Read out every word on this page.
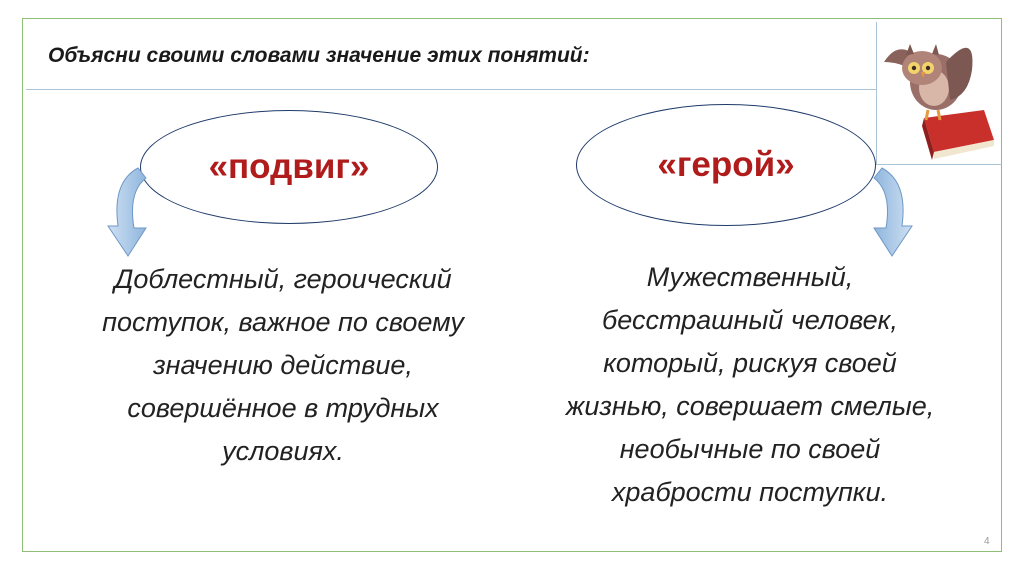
Объясни своими словами значение этих понятий:
«подвиг»	«герой»
Доблестный, героический
поступок, важное по своему
значению действие,
совершённое в трудных
условиях.
Мужественный,
бесстрашный человек,
который, рискуя своей
жизнью, совершает смелые,
необычные по своей
храбрости поступки.
4
